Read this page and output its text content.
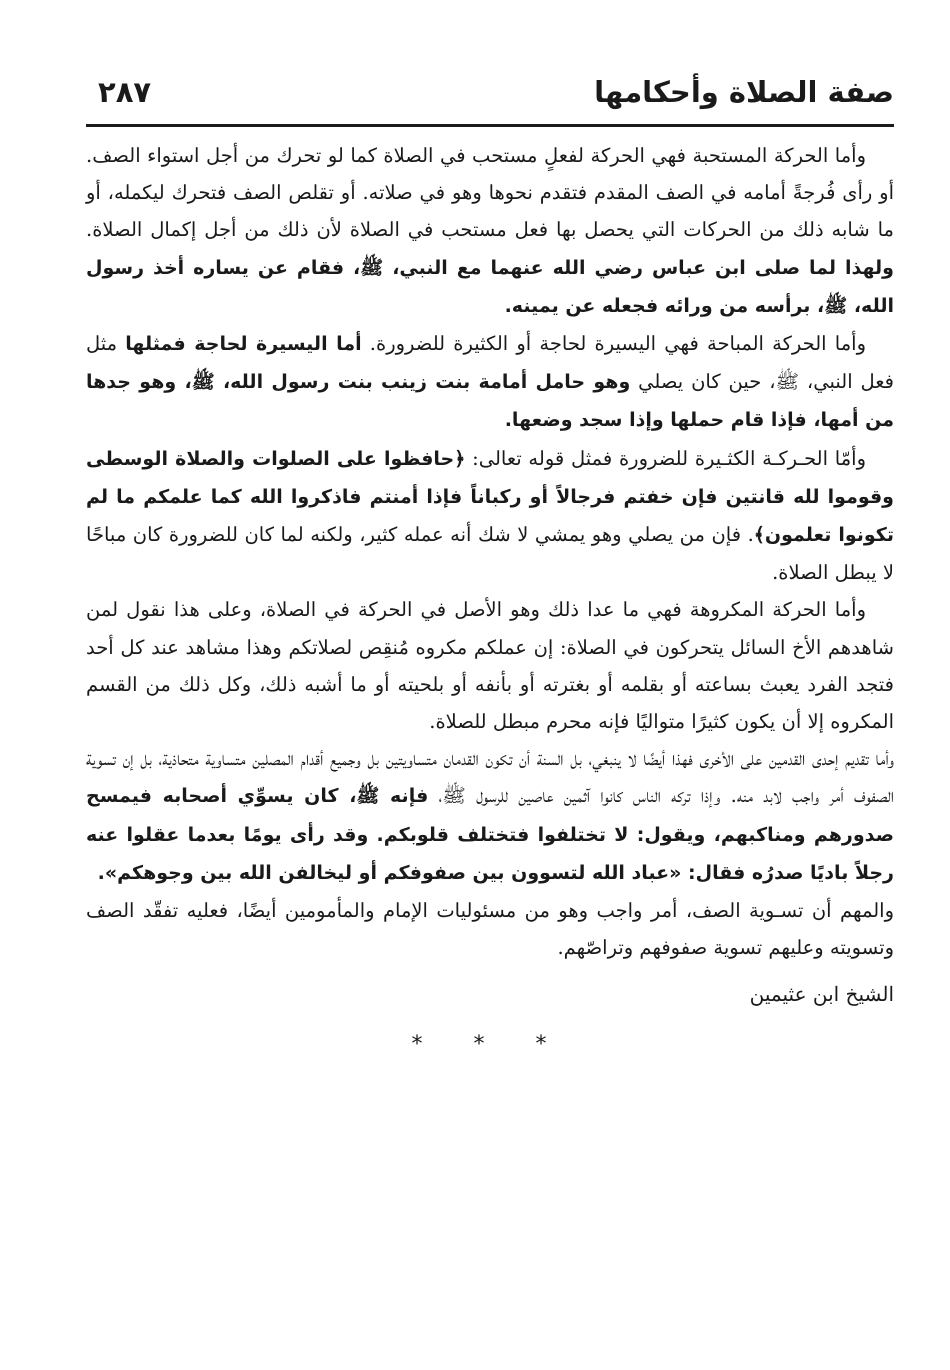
صفة الصلاة وأحكامها
٢٨٧

وأما الحركة المستحبة فهي الحركة لفعلٍ مستحب في الصلاة كما لو تحرك من أجل استواء الصف. أو رأى فُرجةً أمامه في الصف المقدم فتقدم نحوها وهو في صلاته. أو تقلص الصف فتحرك ليكمله، أو ما شابه ذلك من الحركات التي يحصل بها فعل مستحب في الصلاة لأن ذلك من أجل إكمال الصلاة. ولهذا لما صلى ابن عباس رضي الله عنهما مع النبي، ﷺ، فقام عن يساره أخذ رسول الله، ﷺ، برأسه من ورائه فجعله عن يمينه.

وأما الحركة المباحة فهي اليسيرة لحاجة أو الكثيرة للضرورة. أما اليسيرة لحاجة فمثلها مثل فعل النبي، ﷺ، حين كان يصلي وهو حامل أمامة بنت زينب بنت رسول الله، ﷺ، وهو جدها من أمها، فإذا قام حملها وإذا سجد وضعها.

وأمّا الحـركـة الكثـيرة للضرورة فمثل قوله تعالى: ﴿حافظوا على الصلوات والصلاة الوسطى وقوموا لله قانتين فإن خفتم فرجالاً أو ركباناً فإذا أمنتم فاذكروا الله كما علمكم ما لم تكونوا تعلمون﴾. فإن من يصلي وهو يمشي لا شك أنه عمله كثير، ولكنه لما كان للضرورة كان مباحًا لا يبطل الصلاة.

وأما الحركة المكروهة فهي ما عدا ذلك وهو الأصل في الحركة في الصلاة، وعلى هذا نقول لمن شاهدهم الأخ السائل يتحركون في الصلاة: إن عملكم مكروه مُنقِص لصلاتكم وهذا مشاهد عند كل أحد فتجد الفرد يعبث بساعته أو بقلمه أو بغترته أو بأنفه أو بلحيته أو ما أشبه ذلك، وكل ذلك من القسم المكروه إلا أن يكون كثيرًا متواليًا فإنه محرم مبطل للصلاة.

وأما تقديم إحدى القدمين على الأخرى فهذا أيضًا لا ينبغي، بل السنة أن تكون القدمان متساويتين بل وجميع أقدام المصلين متساوية متحاذية، بل إن تسوية الصفوف أمر واجب لابد منه. وإذا تركه الناس كانوا آثمين عاصين للرسول ﷺ، فإنه ﷺ، كان يسوِّي أصحابه فيمسح صدورهم ومناكبهم، ويقول: لا تختلفوا فتختلف قلوبكم. وقد رأى يومًا بعدما عقلوا عنه رجلاً باديًا صدرُه فقال: «عباد الله لتسوون بين صفوفكم أو ليخالفن الله بين وجوهكم».

والمهم أن تسـوية الصف، أمر واجب وهو من مسئوليات الإمام والمأمومين أيضًا، فعليه تفقّد الصف وتسويته وعليهم تسوية صفوفهم وتراصّهم.

الشيخ ابن عثيمين
* * *
